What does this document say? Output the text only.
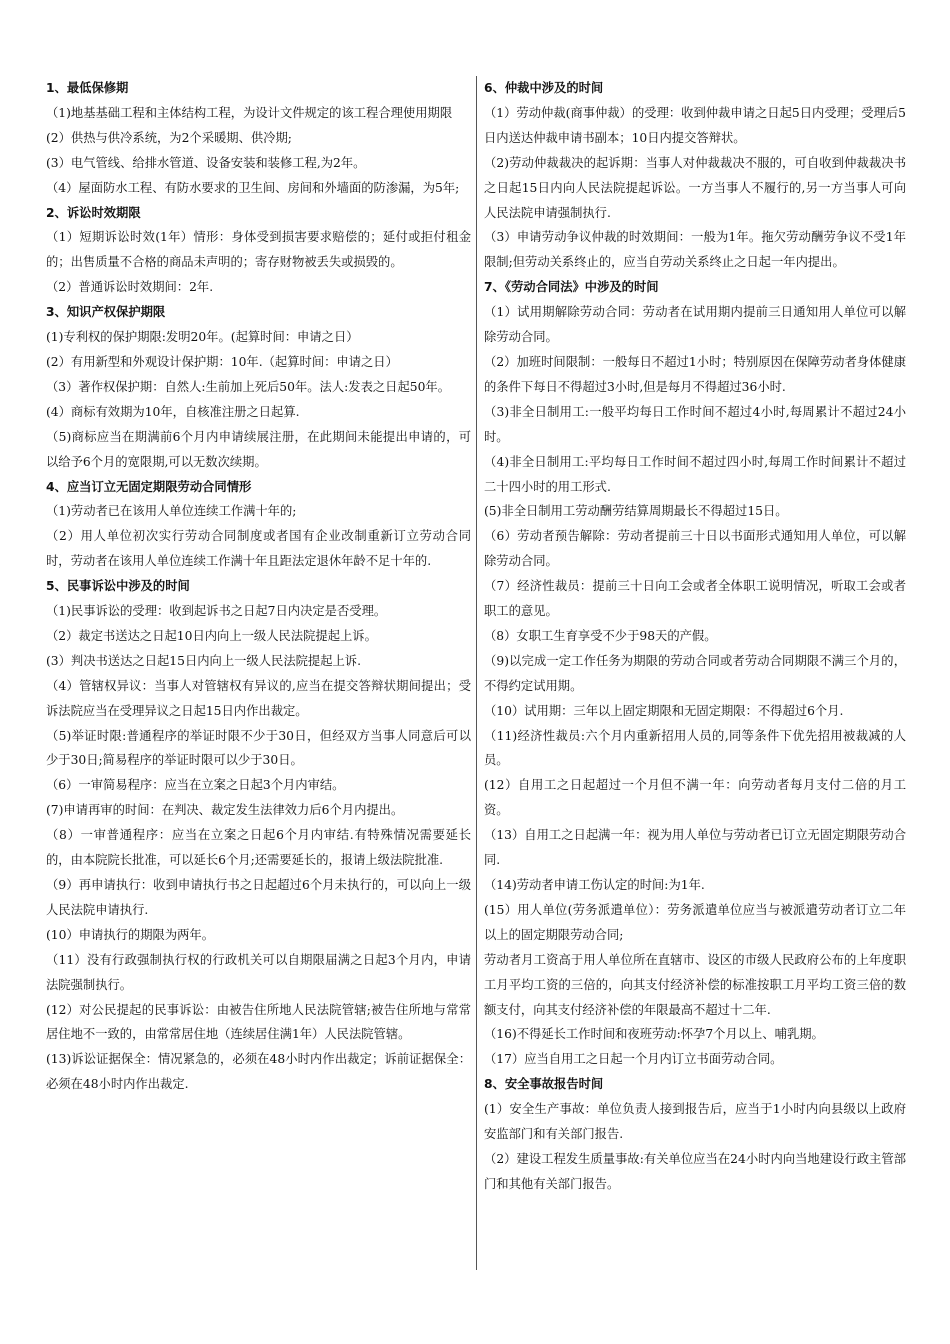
1、最低保修期
（1)地基基础工程和主体结构工程，为设计文件规定的该工程合理使用期限
(2）供热与供冷系统，为2个采暖期、供冷期;
(3）电气管线、给排水管道、设备安装和装修工程,为2年。
（4）屋面防水工程、有防水要求的卫生间、房间和外墙面的防渗漏，为5年;
2、诉讼时效期限
（1）短期诉讼时效(1年）情形：身体受到损害要求赔偿的；延付或拒付租金的；出售质量不合格的商品未声明的；寄存财物被丢失或损毁的。
（2）普通诉讼时效期间：2年.
3、知识产权保护期限
(1)专利权的保护期限:发明20年。(起算时间：申请之日）
(2）有用新型和外观设计保护期：10年.（起算时间：申请之日）
（3）著作权保护期：自然人:生前加上死后50年。法人:发表之日起50年。
(4）商标有效期为10年，自核准注册之日起算.
（5)商标应当在期满前6个月内申请续展注册，在此期间未能提出申请的，可以给予6个月的宽限期,可以无数次续期。
4、应当订立无固定期限劳动合同情形
（1)劳动者已在该用人单位连续工作满十年的;
（2）用人单位初次实行劳动合同制度或者国有企业改制重新订立劳动合同时，劳动者在该用人单位连续工作满十年且距法定退休年龄不足十年的.
5、民事诉讼中涉及的时间
（1)民事诉讼的受理：收到起诉书之日起7日内决定是否受理。
（2）裁定书送达之日起10日内向上一级人民法院提起上诉。
(3）判决书送达之日起15日内向上一级人民法院提起上诉.
（4）管辖权异议：当事人对管辖权有异议的,应当在提交答辩状期间提出；受诉法院应当在受理异议之日起15日内作出裁定。
（5)举证时限:普通程序的举证时限不少于30日，但经双方当事人同意后可以少于30日;简易程序的举证时限可以少于30日。
（6）一审简易程序：应当在立案之日起3个月内审结。
(7)申请再审的时间：在判决、裁定发生法律效力后6个月内提出。
（8）一审普通程序：应当在立案之日起6个月内审结.有特殊情况需要延长的，由本院院长批准，可以延长6个月;还需要延长的，报请上级法院批准.
（9）再申请执行：收到申请执行书之日起超过6个月未执行的，可以向上一级人民法院申请执行.
(10）申请执行的期限为两年。
（11）没有行政强制执行权的行政机关可以自期限届满之日起3个月内，申请法院强制执行。
(12）对公民提起的民事诉讼：由被告住所地人民法院管辖;被告住所地与常常居住地不一致的，由常常居住地（连续居住满1年）人民法院管辖。
(13)诉讼证据保全：情况紧急的，必须在48小时内作出裁定；诉前证据保全：必须在48小时内作出裁定.
6、仲裁中涉及的时间
（1）劳动仲裁(商事仲裁）的受理：收到仲裁申请之日起5日内受理；受理后5日内送达仲裁申请书副本；10日内提交答辩状。
（2)劳动仲裁裁决的起诉期：当事人对仲裁裁决不服的，可自收到仲裁裁决书之日起15日内向人民法院提起诉讼。一方当事人不履行的,另一方当事人可向人民法院申请强制执行.
（3）申请劳动争议仲裁的时效期间：一般为1年。拖欠劳动酬劳争议不受1年限制;但劳动关系终止的，应当自劳动关系终止之日起一年内提出。
7、《劳动合同法》中涉及的时间
（1）试用期解除劳动合同：劳动者在试用期内提前三日通知用人单位可以解除劳动合同。
（2）加班时间限制：一般每日不超过1小时；特别原因在保障劳动者身体健康的条件下每日不得超过3小时,但是每月不得超过36小时.
（3)非全日制用工:一般平均每日工作时间不超过4小时,每周累计不超过24小时。
（4)非全日制用工:平均每日工作时间不超过四小时,每周工作时间累计不超过二十四小时的用工形式.
(5)非全日制用工劳动酬劳结算周期最长不得超过15日。
（6）劳动者预告解除：劳动者提前三十日以书面形式通知用人单位，可以解除劳动合同。
（7）经济性裁员：提前三十日向工会或者全体职工说明情况，听取工会或者职工的意见。
（8）女职工生育享受不少于98天的产假。
（9)以完成一定工作任务为期限的劳动合同或者劳动合同期限不满三个月的，不得约定试用期。
（10）试用期：三年以上固定期限和无固定期限：不得超过6个月.
（11)经济性裁员:六个月内重新招用人员的,同等条件下优先招用被裁减的人员。
(12）自用工之日起超过一个月但不满一年：向劳动者每月支付二倍的月工资。
（13）自用工之日起满一年：视为用人单位与劳动者已订立无固定期限劳动合同.
（14)劳动者申请工伤认定的时间:为1年.
(15）用人单位(劳务派遣单位）：劳务派遣单位应当与被派遣劳动者订立二年以上的固定期限劳动合同;
劳动者月工资高于用人单位所在直辖市、设区的市级人民政府公布的上年度职工月平均工资的三倍的，向其支付经济补偿的标准按职工月平均工资三倍的数额支付，向其支付经济补偿的年限最高不超过十二年.
（16)不得延长工作时间和夜班劳动:怀孕7个月以上、哺乳期。
（17）应当自用工之日起一个月内订立书面劳动合同。
8、安全事故报告时间
(1）安全生产事故：单位负责人接到报告后，应当于1小时内向县级以上政府安监部门和有关部门报告.
（2）建设工程发生质量事故:有关单位应当在24小时内向当地建设行政主管部门和其他有关部门报告。
